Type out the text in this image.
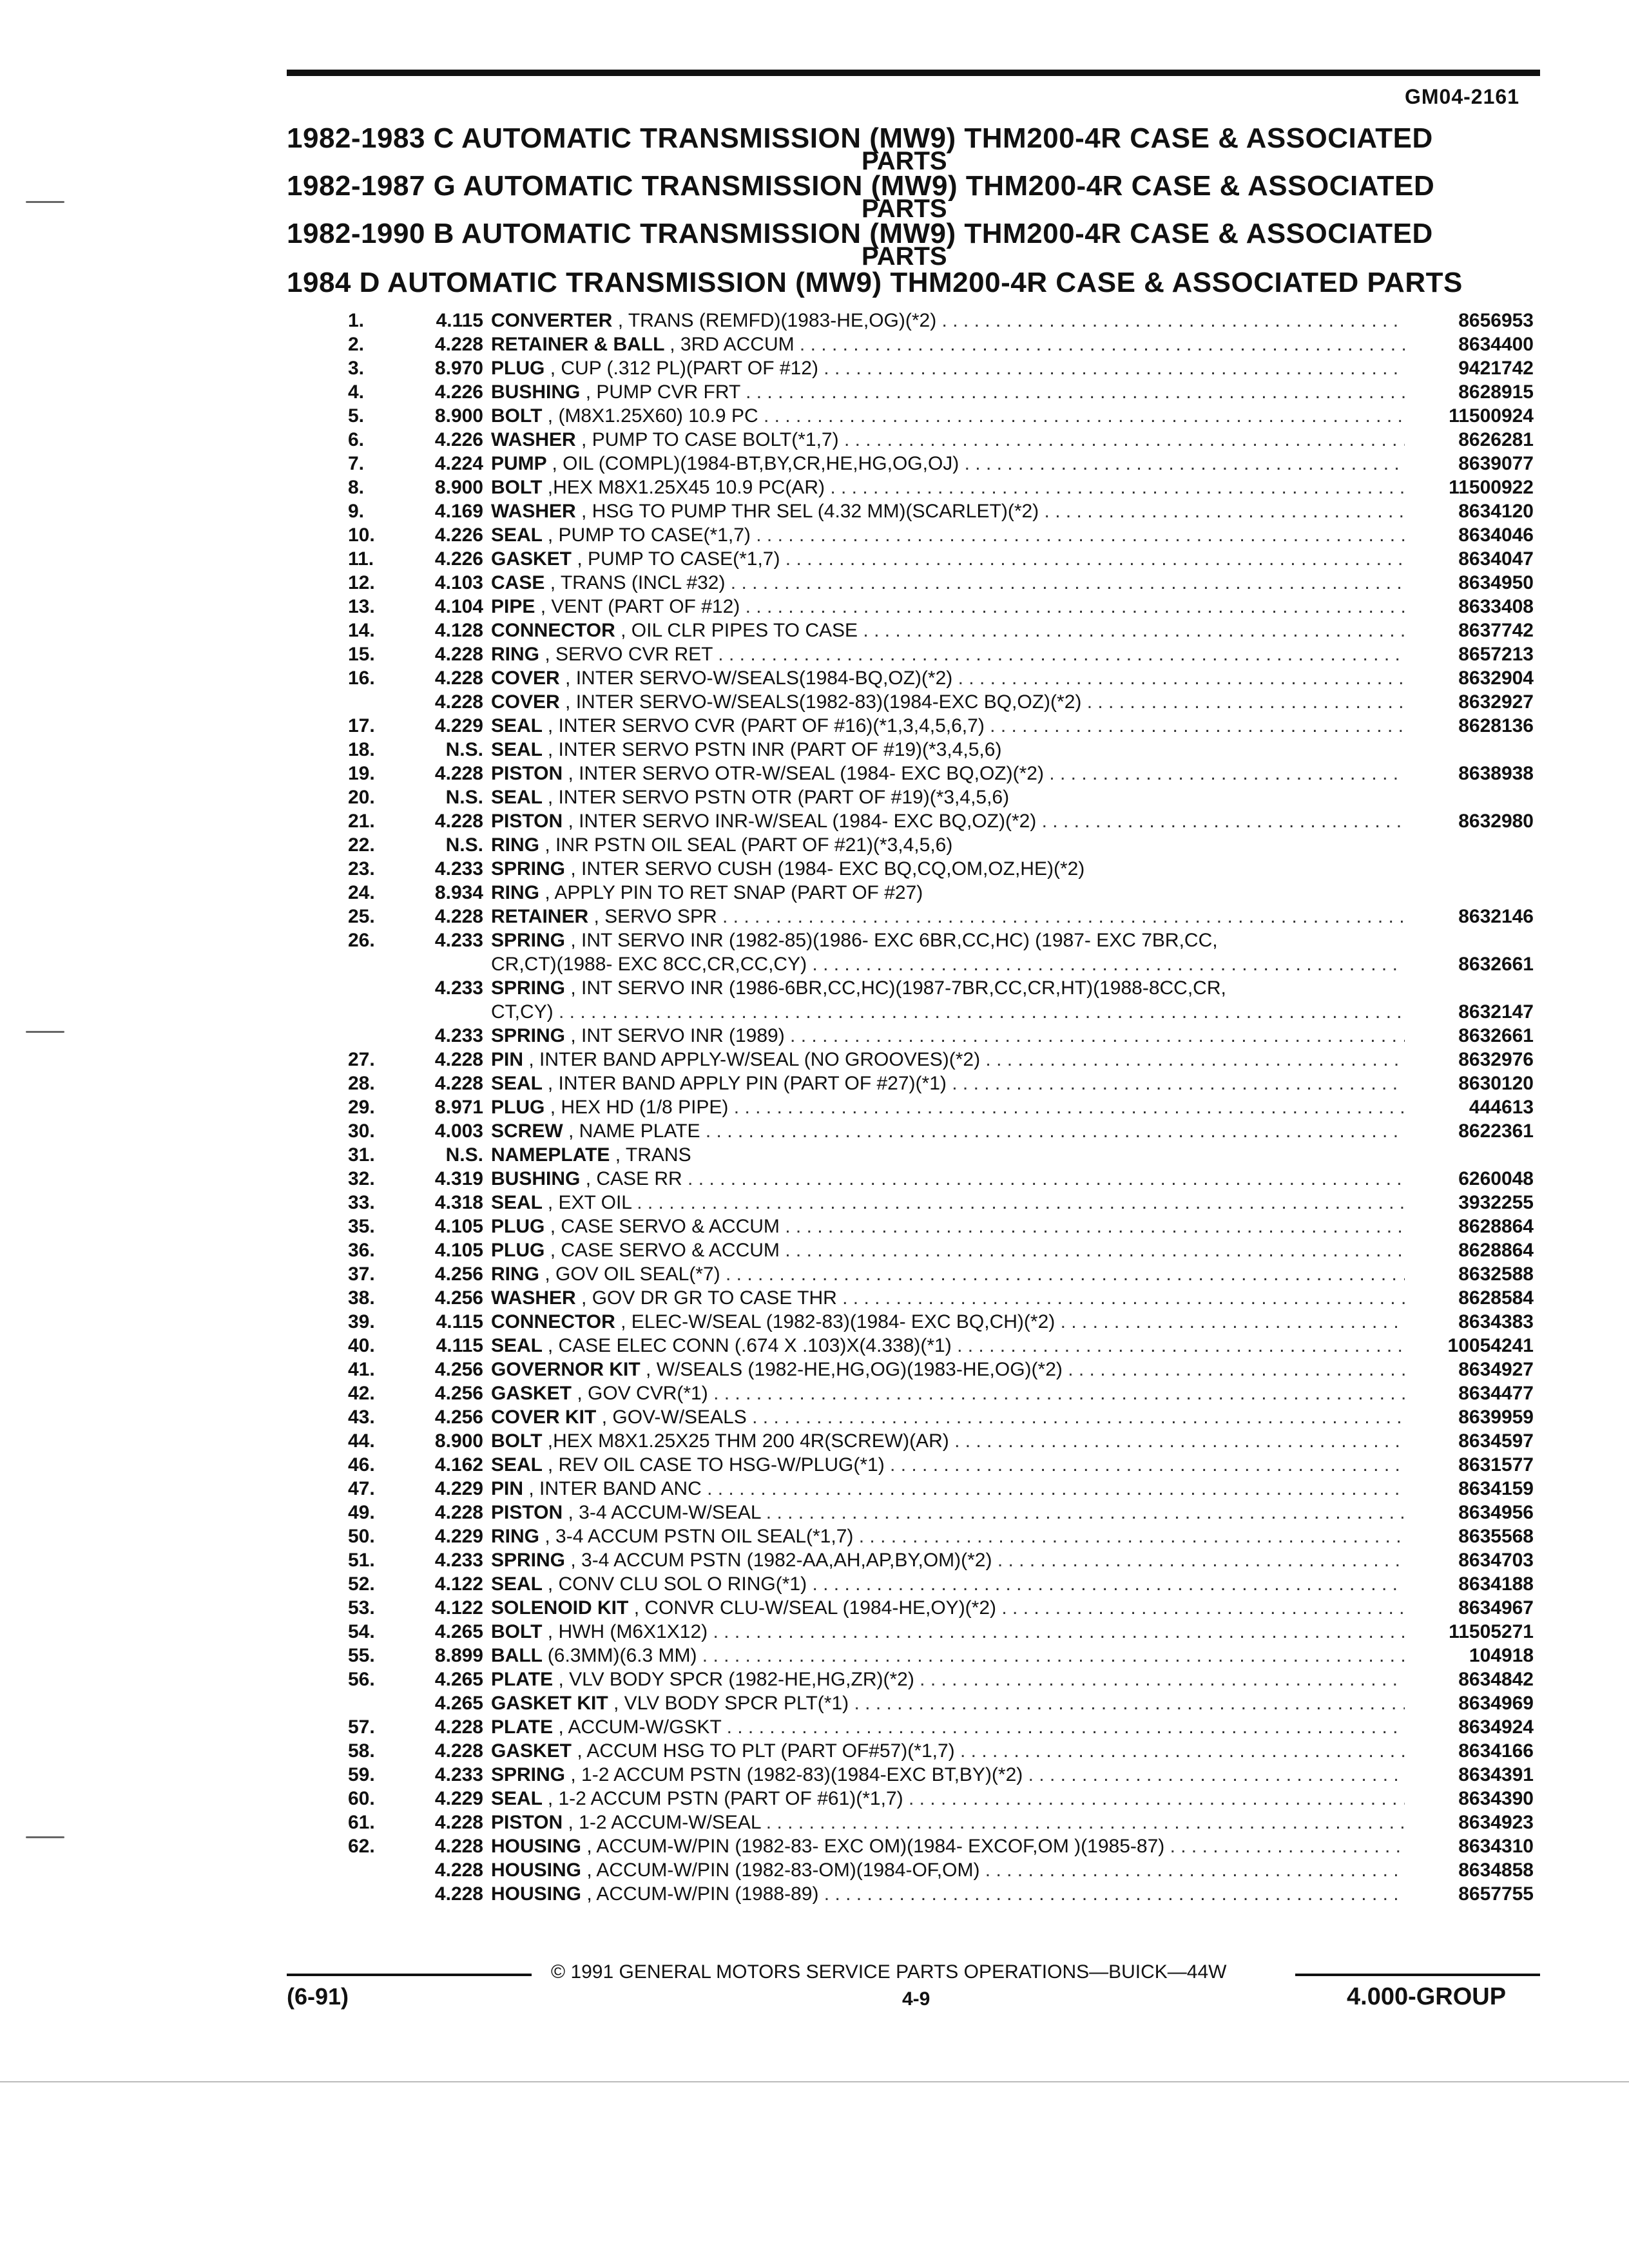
GM04-2161
1982-1983 C AUTOMATIC TRANSMISSION (MW9) THM200-4R CASE & ASSOCIATED
PARTS
1982-1987 G AUTOMATIC TRANSMISSION (MW9) THM200-4R CASE & ASSOCIATED
PARTS
1982-1990 B AUTOMATIC TRANSMISSION (MW9) THM200-4R CASE & ASSOCIATED
PARTS
1984 D AUTOMATIC TRANSMISSION (MW9) THM200-4R CASE & ASSOCIATED PARTS
1.	4.115 CONVERTER , TRANS (REMFD)(1983-HE,OG)(*2) . . .	8656953
2.	4.228 RETAINER & BALL , 3RD ACCUM . . .	8634400
3.	8.970 PLUG , CUP (.312 PL)(PART OF #12) . . .	9421742
4.	4.226 BUSHING , PUMP CVR FRT . . .	8628915
5.	8.900 BOLT , (M8X1.25X60) 10.9 PC . . .	11500924
6.	4.226 WASHER , PUMP TO CASE BOLT(*1,7) . . .	8626281
7.	4.224 PUMP , OIL (COMPL)(1984-BT,BY,CR,HE,HG,OG,OJ) . . .	8639077
8.	8.900 BOLT ,HEX M8X1.25X45 10.9 PC(AR) . . .	11500922
9.	4.169 WASHER , HSG TO PUMP THR SEL (4.32 MM)(SCARLET)(*2) . . .	8634120
10.	4.226 SEAL , PUMP TO CASE(*1,7) . . .	8634046
11.	4.226 GASKET , PUMP TO CASE(*1,7) . . .	8634047
12.	4.103 CASE , TRANS (INCL #32) . . .	8634950
13.	4.104 PIPE , VENT (PART OF #12) . . .	8633408
14.	4.128 CONNECTOR , OIL CLR PIPES TO CASE . . .	8637742
15.	4.228 RING , SERVO CVR RET . . .	8657213
16.	4.228 COVER , INTER SERVO-W/SEALS(1984-BQ,OZ)(*2) . . .	8632904
4.228 COVER , INTER SERVO-W/SEALS(1982-83)(1984-EXC BQ,OZ)(*2) . . .	8632927
17.	4.229 SEAL , INTER SERVO CVR (PART OF #16)(*1,3,4,5,6,7) . . .	8628136
18.	N.S. SEAL , INTER SERVO PSTN INR (PART OF #19)(*3,4,5,6)
19.	4.228 PISTON , INTER SERVO OTR-W/SEAL (1984- EXC BQ,OZ)(*2) . . .	8638938
20.	N.S. SEAL , INTER SERVO PSTN OTR (PART OF #19)(*3,4,5,6)
21.	4.228 PISTON , INTER SERVO INR-W/SEAL (1984- EXC BQ,OZ)(*2) . . .	8632980
22.	N.S. RING , INR PSTN OIL SEAL (PART OF #21)(*3,4,5,6)
23.	4.233 SPRING , INTER SERVO CUSH (1984- EXC BQ,CQ,OM,OZ,HE)(*2)
24.	8.934 RING , APPLY PIN TO RET SNAP (PART OF #27)
25.	4.228 RETAINER , SERVO SPR . . .	8632146
26.	4.233 SPRING , INT SERVO INR (1982-85)(1986- EXC 6BR,CC,HC) (1987- EXC 7BR,CC,
CR,CT)(1988- EXC 8CC,CR,CC,CY) . . .	8632661
4.233 SPRING , INT SERVO INR (1986-6BR,CC,HC)(1987-7BR,CC,CR,HT)(1988-8CC,CR,
CT,CY) . . .	8632147
4.233 SPRING , INT SERVO INR (1989) . . .	8632661
27.	4.228 PIN , INTER BAND APPLY-W/SEAL (NO GROOVES)(*2) . . .	8632976
28.	4.228 SEAL , INTER BAND APPLY PIN (PART OF #27)(*1) . . .	8630120
29.	8.971 PLUG , HEX HD (1/8 PIPE) . . .	444613
30.	4.003 SCREW , NAME PLATE . . .	8622361
31.	N.S. NAMEPLATE , TRANS
32.	4.319 BUSHING , CASE RR . . .	6260048
33.	4.318 SEAL , EXT OIL . . .	3932255
35.	4.105 PLUG , CASE SERVO & ACCUM . . .	8628864
36.	4.105 PLUG , CASE SERVO & ACCUM . . .	8628864
37.	4.256 RING , GOV OIL SEAL(*7) . . .	8632588
38.	4.256 WASHER , GOV DR GR TO CASE THR . . .	8628584
39.	4.115 CONNECTOR , ELEC-W/SEAL (1982-83)(1984- EXC BQ,CH)(*2) . . .	8634383
40.	4.115 SEAL , CASE ELEC CONN (.674 X .103)X(4.338)(*1) . . .	10054241
41.	4.256 GOVERNOR KIT , W/SEALS (1982-HE,HG,OG)(1983-HE,OG)(*2) . . .	8634927
42.	4.256 GASKET , GOV CVR(*1) . . .	8634477
43.	4.256 COVER KIT , GOV-W/SEALS . . .	8639959
44.	8.900 BOLT ,HEX M8X1.25X25 THM 200 4R(SCREW)(AR) . . .	8634597
46.	4.162 SEAL , REV OIL CASE TO HSG-W/PLUG(*1) . . .	8631577
47.	4.229 PIN , INTER BAND ANC . . .	8634159
49.	4.228 PISTON , 3-4 ACCUM-W/SEAL . . .	8634956
50.	4.229 RING , 3-4 ACCUM PSTN OIL SEAL(*1,7) . . .	8635568
51.	4.233 SPRING , 3-4 ACCUM PSTN (1982-AA,AH,AP,BY,OM)(*2) . . .	8634703
52.	4.122 SEAL , CONV CLU SOL O RING(*1) . . .	8634188
53.	4.122 SOLENOID KIT , CONVR CLU-W/SEAL (1984-HE,OY)(*2) . . .	8634967
54.	4.265 BOLT , HWH (M6X1X12) . . .	11505271
55.	8.899 BALL (6.3MM)(6.3 MM) . . .	104918
56.	4.265 PLATE , VLV BODY SPCR (1982-HE,HG,ZR)(*2) . . .	8634842
4.265 GASKET KIT , VLV BODY SPCR PLT(*1) . . .	8634969
57.	4.228 PLATE , ACCUM-W/GSKT . . .	8634924
58.	4.228 GASKET , ACCUM HSG TO PLT (PART OF#57)(*1,7) . . .	8634166
59.	4.233 SPRING , 1-2 ACCUM PSTN (1982-83)(1984-EXC BT,BY)(*2) . . .	8634391
60.	4.229 SEAL , 1-2 ACCUM PSTN (PART OF #61)(*1,7) . . .	8634390
61.	4.228 PISTON , 1-2 ACCUM-W/SEAL . . .	8634923
62.	4.228 HOUSING , ACCUM-W/PIN (1982-83- EXC OM)(1984- EXCOF,OM )(1985-87) . . .	8634310
4.228 HOUSING , ACCUM-W/PIN (1982-83-OM)(1984-OF,OM) . . .	8634858
4.228 HOUSING , ACCUM-W/PIN (1988-89) . . .	8657755
© 1991 GENERAL MOTORS SERVICE PARTS OPERATIONS—BUICK—44W
(6-91)	4-9	4.000-GROUP
